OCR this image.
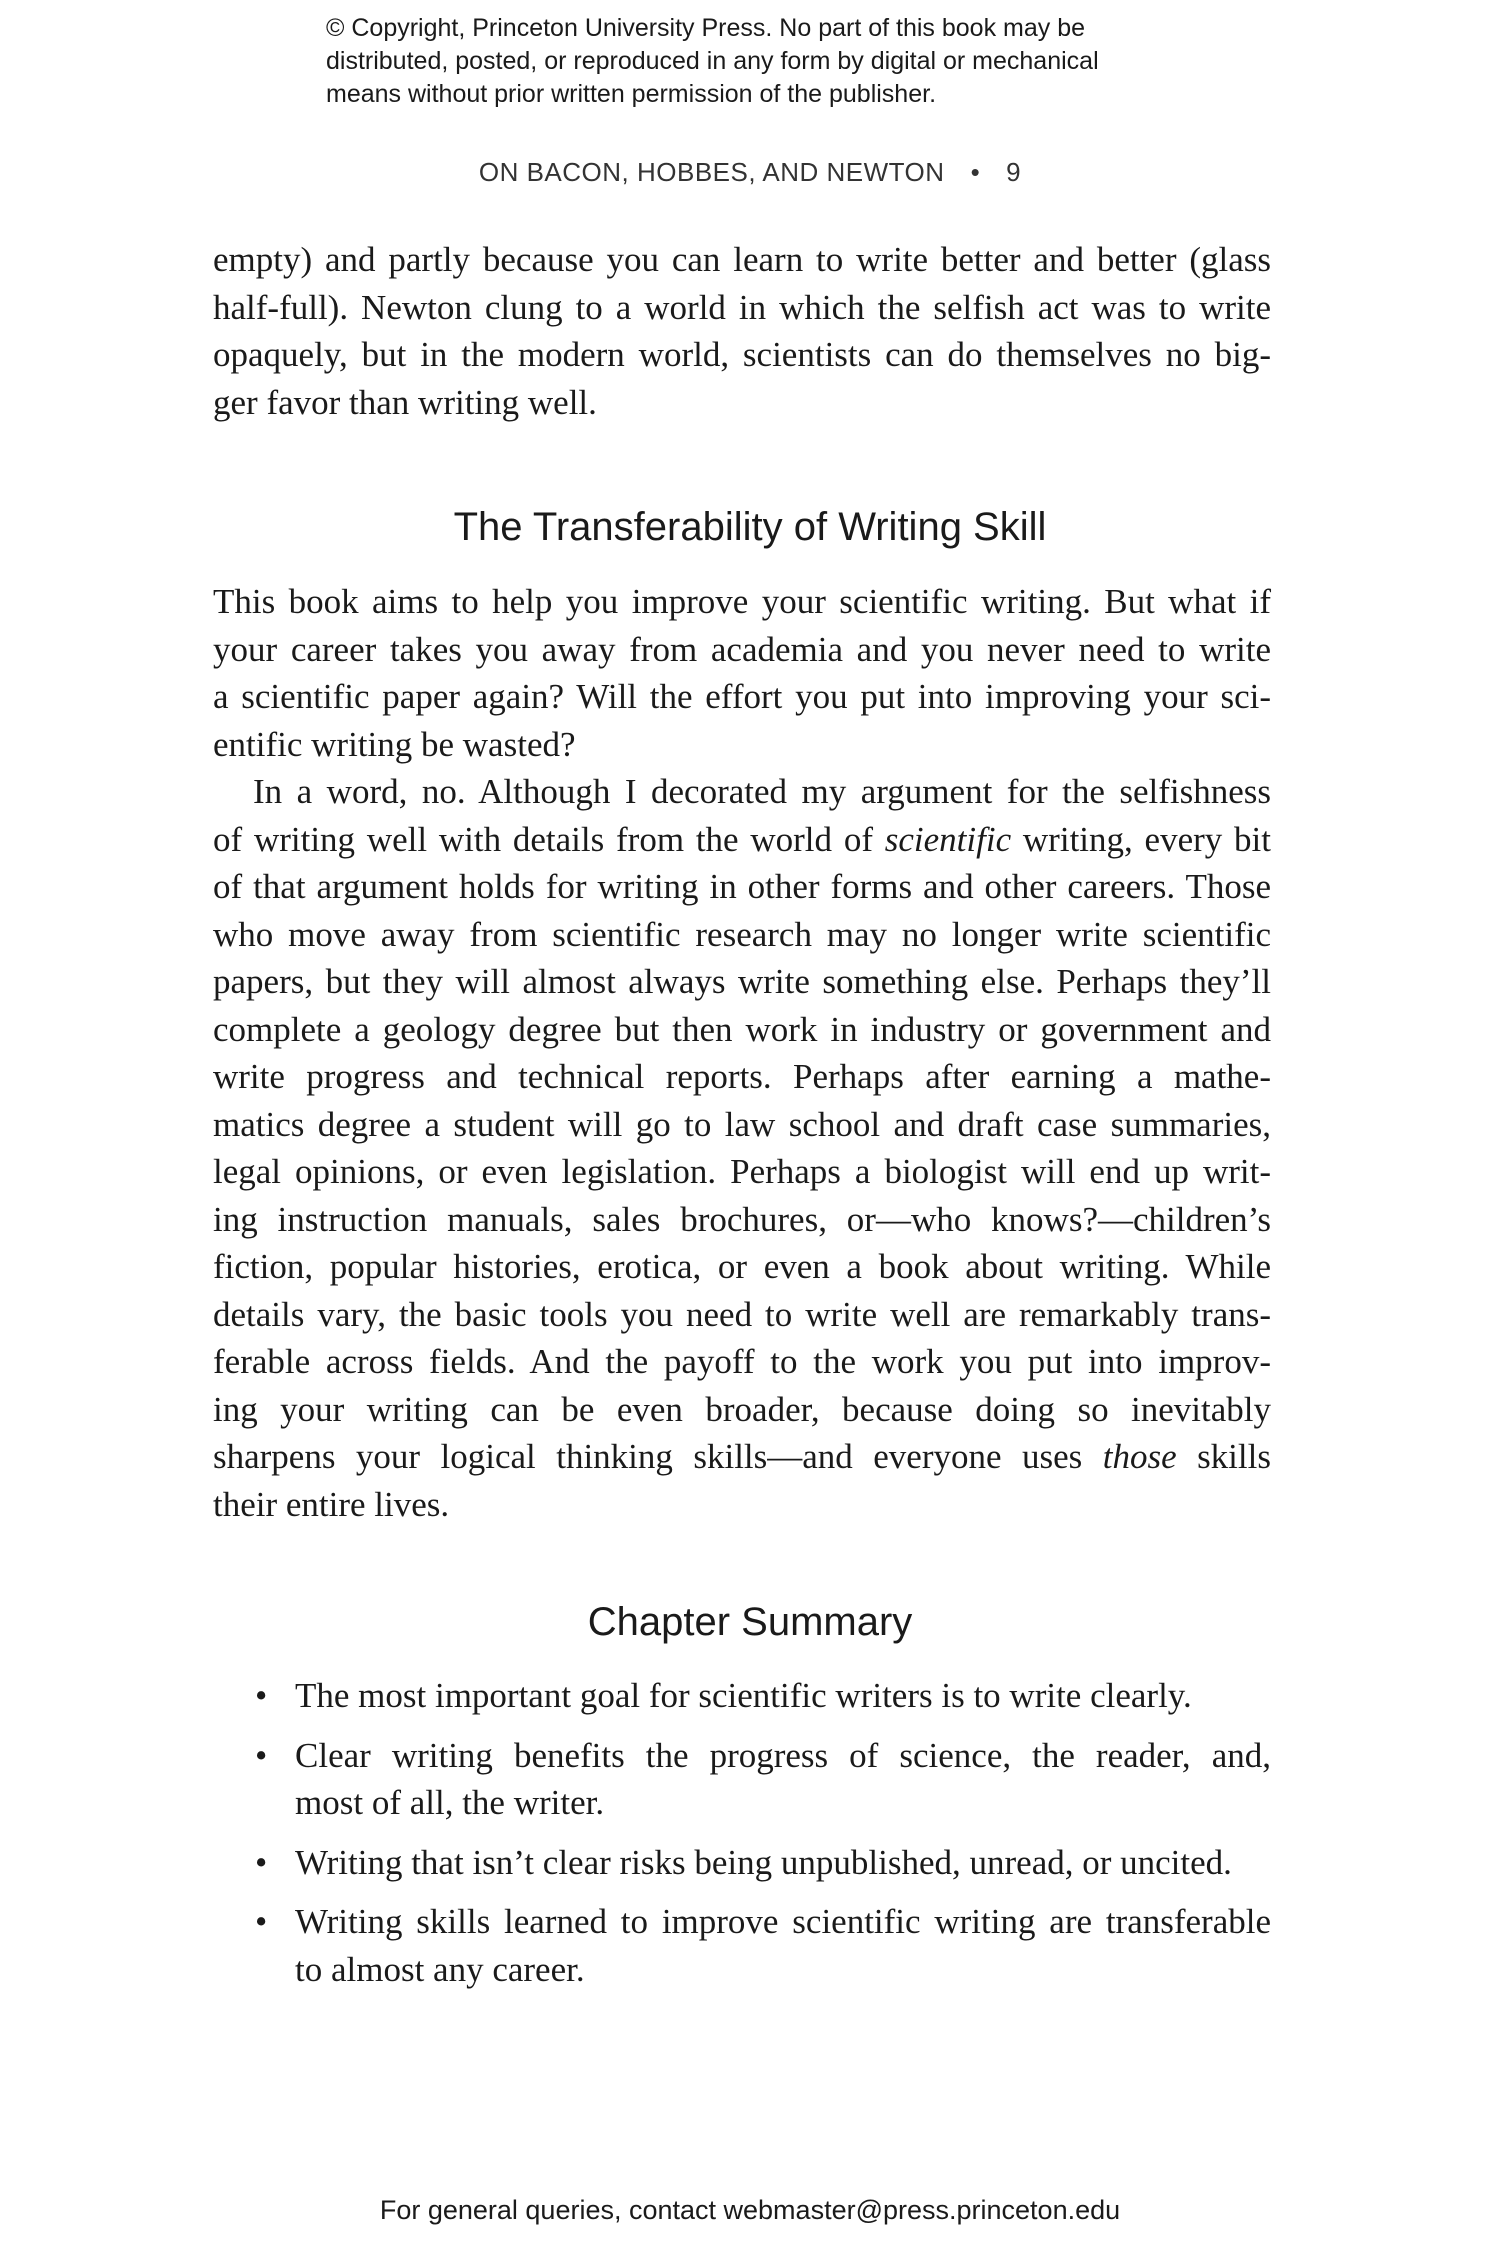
© Copyright, Princeton University Press. No part of this book may be
distributed, posted, or reproduced in any form by digital or mechanical
means without prior written permission of the publisher.
ON BACON, HOBBES, AND NEWTON • 9
empty) and partly because you can learn to write better and better (glass
half-full). Newton clung to a world in which the selfish act was to write
opaquely, but in the modern world, scientists can do themselves no big-
ger favor than writing well.
The Transferability of Writing Skill
This book aims to help you improve your scientific writing. But what if
your career takes you away from academia and you never need to write
a scientific paper again? Will the effort you put into improving your sci-
entific writing be wasted?
In a word, no. Although I decorated my argument for the selfishness
of writing well with details from the world of scientific writing, every bit
of that argument holds for writing in other forms and other careers. Those
who move away from scientific research may no longer write scientific
papers, but they will almost always write something else. Perhaps they’ll
complete a geology degree but then work in industry or government and
write progress and technical reports. Perhaps after earning a mathe-
matics degree a student will go to law school and draft case summaries,
legal opinions, or even legislation. Perhaps a biologist will end up writ-
ing instruction manuals, sales brochures, or—who knows?—children’s
fiction, popular histories, erotica, or even a book about writing. While
details vary, the basic tools you need to write well are remarkably trans-
ferable across fields. And the payoff to the work you put into improv-
ing your writing can be even broader, because doing so inevitably
sharpens your logical thinking skills—and everyone uses those skills
their entire lives.
Chapter Summary
• The most important goal for scientific writers is to write clearly.
• Clear writing benefits the progress of science, the reader, and,
most of all, the writer.
• Writing that isn’t clear risks being unpublished, unread, or uncited.
• Writing skills learned to improve scientific writing are transferable
to almost any career.
For general queries, contact webmaster@press.princeton.edu
